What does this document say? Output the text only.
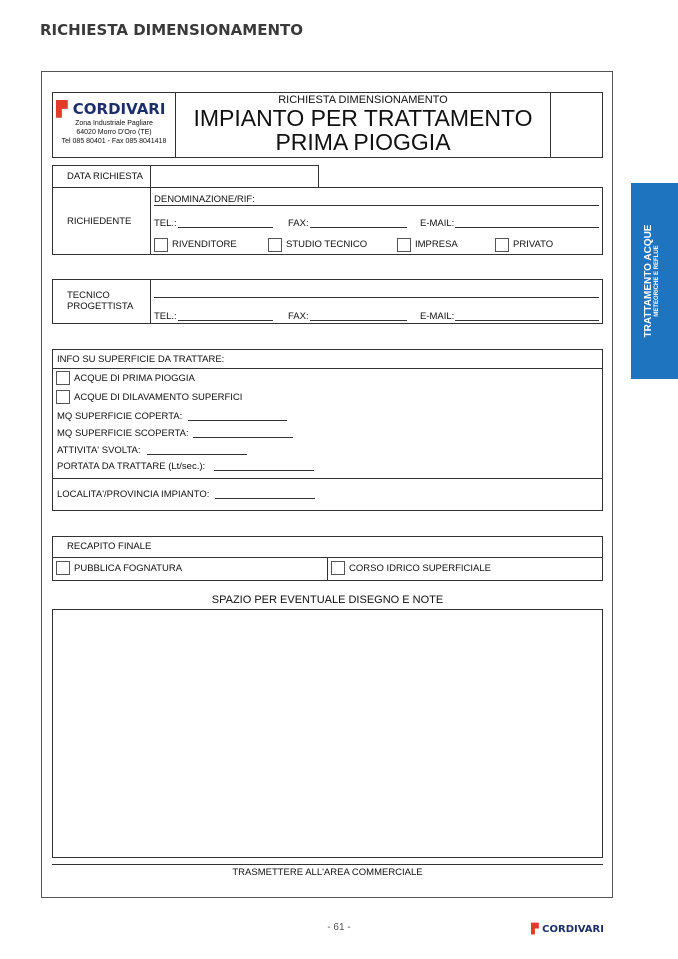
RICHIESTA DIMENSIONAMENTO
TRATTAMENTO ACQUE METEORICHE E REFLUE
▛ CORDIVARI
Zona Industriale Pagliare
64020 Morro D'Oro (TE)
Tel 085 80401 - Fax 085 8041418
RICHIESTA DIMENSIONAMENTO
IMPIANTO PER TRATTAMENTO
PRIMA PIOGGIA
DATA RICHIESTA
RICHIEDENTE
DENOMINAZIONE/RIF:
TEL.:	FAX:	E-MAIL:
RIVENDITORE	STUDIO TECNICO	IMPRESA	PRIVATO
TECNICO
PROGETTISTA
TEL.:	FAX:	E-MAIL:
INFO SU SUPERFICIE DA TRATTARE:
ACQUE DI PRIMA PIOGGIA
ACQUE DI DILAVAMENTO SUPERFICI
MQ SUPERFICIE COPERTA:
MQ SUPERFICIE SCOPERTA:
ATTIVITA' SVOLTA:
PORTATA DA TRATTARE (Lt/sec.):
LOCALITA'/PROVINCIA IMPIANTO:
RECAPITO FINALE
PUBBLICA FOGNATURA	CORSO IDRICO SUPERFICIALE
SPAZIO PER EVENTUALE DISEGNO E NOTE
TRASMETTERE ALL'AREA COMMERCIALE
- 61 -	▛ CORDIVARI
